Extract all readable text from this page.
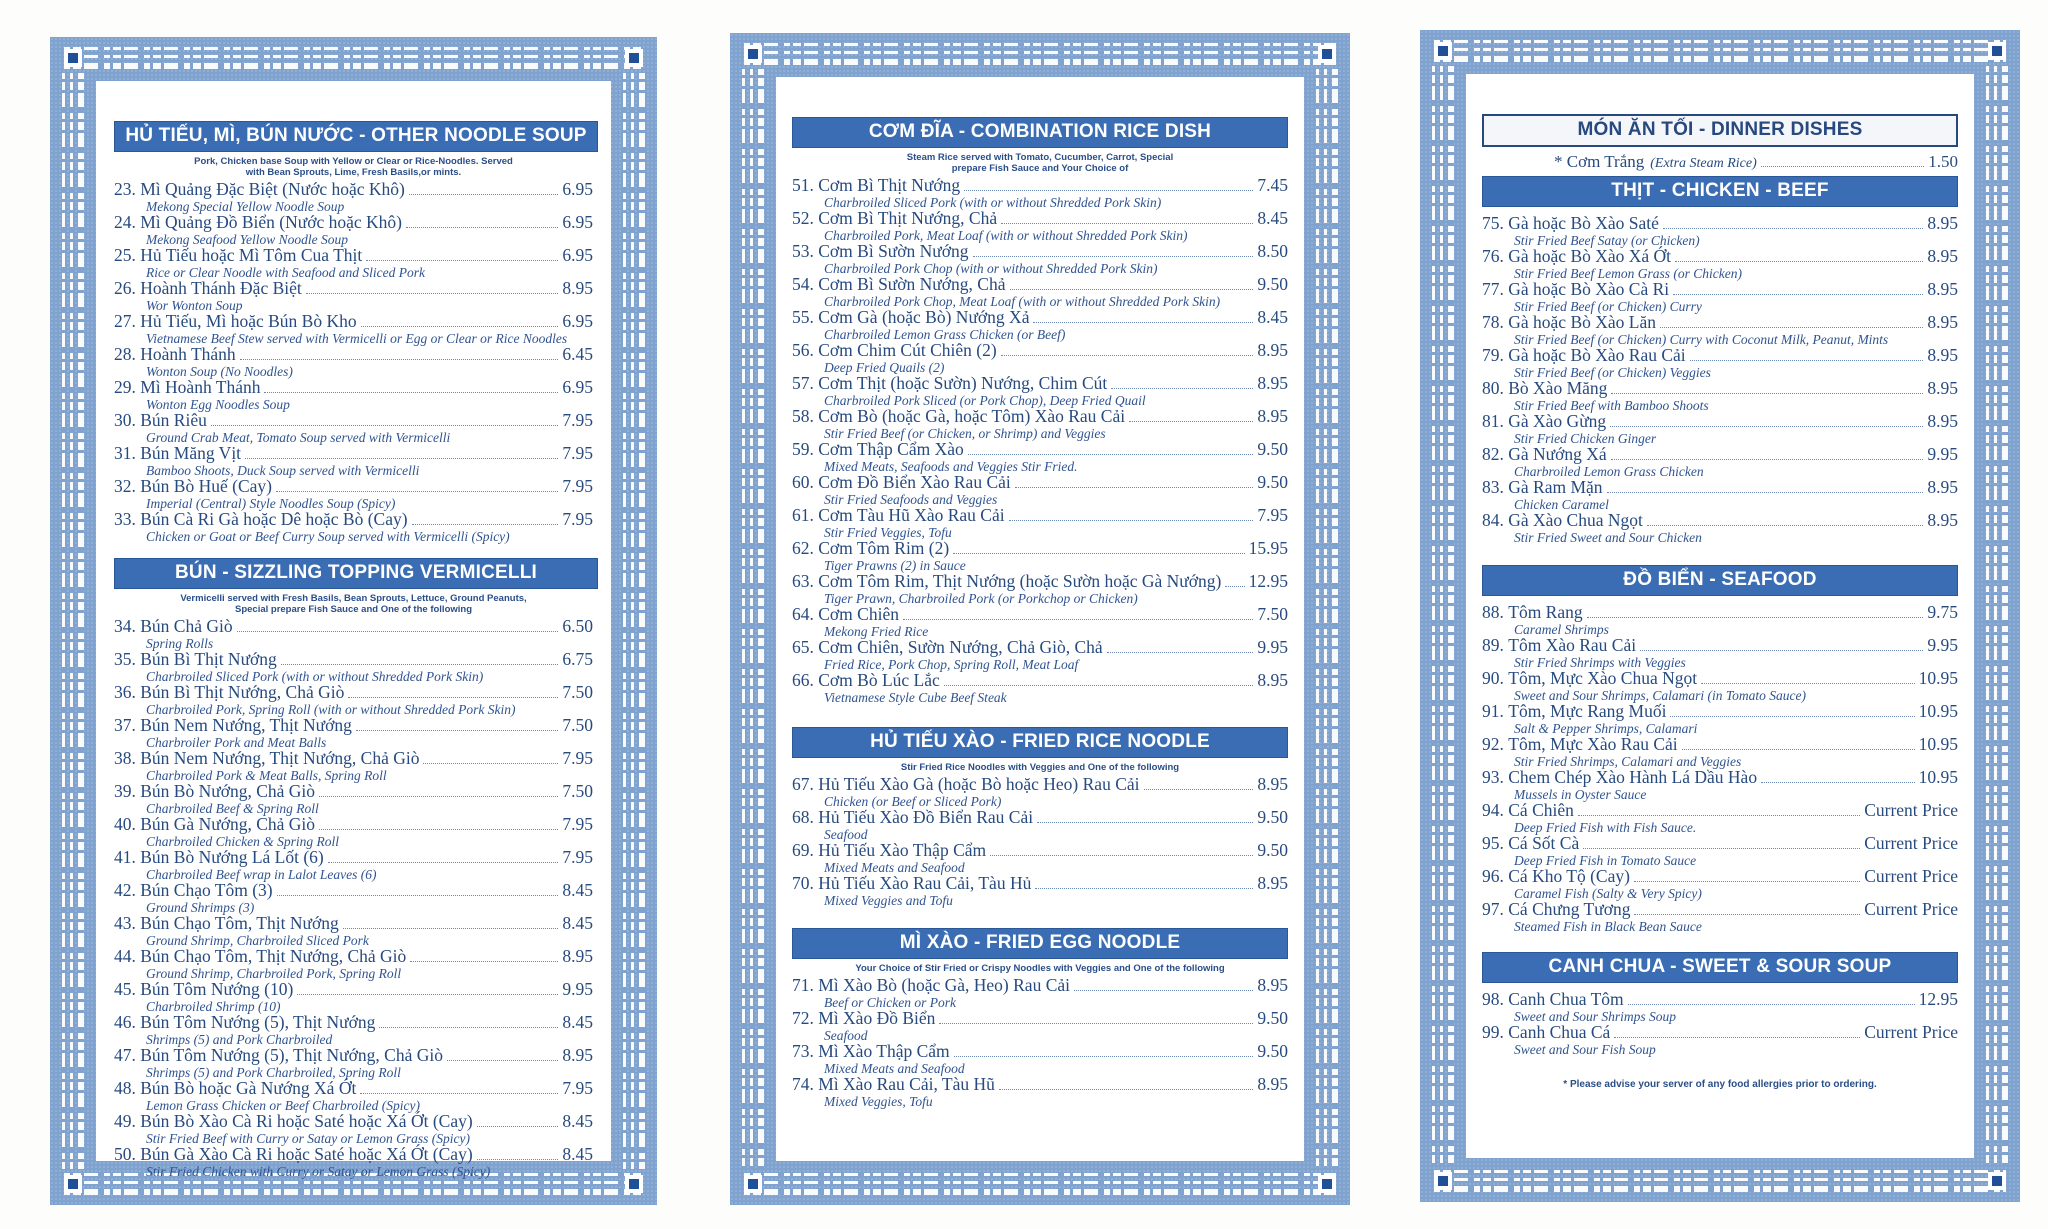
HỦ TIẾU, MÌ, BÚN NƯỚC - OTHER NOODLE SOUP
Pork, Chicken base Soup with Yellow or Clear or Rice-Noodles. Served with Bean Sprouts, Lime, Fresh Basils,or mints.
23.
Mì Quảng Đặc Biệt (Nước hoặc Khô)	6.95
Mekong Special Yellow Noodle Soup
24.
Mì Quảng Đồ Biển (Nước hoặc Khô)	6.95
Mekong Seafood Yellow Noodle Soup
25.
Hủ Tiếu hoặc Mì Tôm Cua Thịt	6.95
Rice or Clear Noodle with Seafood and Sliced Pork
26.
Hoành Thánh Đặc Biệt	8.95
Wor Wonton Soup
27.
Hủ Tiếu, Mì hoặc Bún Bò Kho	6.95
Vietnamese Beef Stew served with Vermicelli or Egg or Clear or Rice Noodles
28.
Hoành Thánh	6.45
Wonton Soup (No Noodles)
29.
Mì Hoành Thánh	6.95
Wonton Egg Noodles Soup
30.
Bún Riêu	7.95
Ground Crab Meat, Tomato Soup served with Vermicelli
31.
Bún Măng Vịt	7.95
Bamboo Shoots, Duck Soup served with Vermicelli
32.
Bún Bò Huế (Cay)	7.95
Imperial (Central) Style Noodles Soup (Spicy)
33.
Bún Cà Ri Gà hoặc Dê hoặc Bò (Cay)	7.95
Chicken or Goat or Beef Curry Soup served with Vermicelli (Spicy)
BÚN - SIZZLING TOPPING VERMICELLI
Vermicelli served with Fresh Basils, Bean Sprouts, Lettuce, Ground Peanuts, Special prepare Fish Sauce and One of the following
34.
Bún Chả Giò	6.50
Spring Rolls
35.
Bún Bì Thịt Nướng	6.75
Charbroiled Sliced Pork (with or without Shredded Pork Skin)
36.
Bún Bì Thịt Nướng, Chả Giò	7.50
Charbroiled Pork, Spring Roll (with or without Shredded Pork Skin)
37.
Bún Nem Nướng, Thịt Nướng	7.50
Charbroiler Pork and Meat Balls
38.
Bún Nem Nướng, Thịt Nướng, Chả Giò	7.95
Charbroiled Pork & Meat Balls, Spring Roll
39.
Bún Bò Nướng, Chả Giò	7.50
Charbroiled Beef & Spring Roll
40.
Bún Gà Nướng, Chả Giò	7.95
Charbroiled Chicken & Spring Roll
41.
Bún Bò Nướng Lá Lốt (6)	7.95
Charbroiled Beef wrap in Lalot Leaves (6)
42.
Bún Chạo Tôm (3)	8.45
Ground Shrimps (3)
43.
Bún Chạo Tôm, Thịt Nướng	8.45
Ground Shrimp, Charbroiled Sliced Pork
44.
Bún Chạo Tôm, Thịt Nướng, Chả Giò	8.95
Ground Shrimp, Charbroiled Pork, Spring Roll
45.
Bún Tôm Nướng (10)	9.95
Charbroiled Shrimp (10)
46.
Bún Tôm Nướng (5), Thịt Nướng	8.45
Shrimps (5) and Pork Charbroiled
47.
Bún Tôm Nướng (5), Thịt Nướng, Chả Giò	8.95
Shrimps (5) and Pork Charbroiled, Spring Roll
48.
Bún Bò hoặc Gà Nướng Xá Ớt	7.95
Lemon Grass Chicken or Beef Charbroiled (Spicy)
49.
Bún Bò Xào Cà Ri hoặc Saté hoặc Xá Ớt (Cay)	8.45
Stir Fried Beef with Curry or Satay or Lemon Grass (Spicy)
50.
Bún Gà Xào Cà Ri hoặc Saté hoặc Xá Ớt (Cay)	8.45
Stir Fried Chicken with Curry or Satay or Lemon Grass (Spicy)
CƠM ĐĨA - COMBINATION RICE DISH
Steam Rice served with Tomato, Cucumber, Carrot, Special prepare Fish Sauce and Your Choice of
51.
Cơm Bì Thịt Nướng	7.45
Charbroiled Sliced Pork (with or without Shredded Pork Skin)
52.
Cơm Bì Thịt Nướng, Chả	8.45
Charbroiled Pork, Meat Loaf (with or without Shredded Pork Skin)
53.
Cơm Bì Sườn Nướng	8.50
Charbroiled Pork Chop (with or without Shredded Pork Skin)
54.
Cơm Bì Sườn Nướng, Chả	9.50
Charbroiled Pork Chop, Meat Loaf (with or without Shredded Pork Skin)
55.
Cơm Gà (hoặc Bò) Nướng Xả	8.45
Charbroiled Lemon Grass Chicken (or Beef)
56.
Cơm Chim Cút Chiên (2)	8.95
Deep Fried Quails (2)
57.
Cơm Thịt (hoặc Sườn) Nướng, Chim Cút	8.95
Charbroiled Pork Sliced (or Pork Chop), Deep Fried Quail
58.
Cơm Bò (hoặc Gà, hoặc Tôm) Xào Rau Cải	8.95
Stir Fried Beef (or Chicken, or Shrimp) and Veggies
59.
Cơm Thập Cẩm Xào	9.50
Mixed Meats, Seafoods and Veggies Stir Fried.
60.
Cơm Đồ Biển Xào Rau Cải	9.50
Stir Fried Seafoods and Veggies
61.
Cơm Tàu Hũ Xào Rau Cải	7.95
Stir Fried Veggies, Tofu
62.
Cơm Tôm Rim (2)	15.95
Tiger Prawns (2) in Sauce
63.
Cơm Tôm Rim, Thịt Nướng (hoặc Sườn hoặc Gà Nướng) 12.95
Tiger Prawn, Charbroiled Pork (or Porkchop or Chicken)
64.
Cơm Chiên	7.50
Mekong Fried Rice
65.
Cơm Chiên, Sườn Nướng, Chả Giò, Chả	9.95
Fried Rice, Pork Chop, Spring Roll, Meat Loaf
66.
Cơm Bò Lúc Lắc	8.95
Vietnamese Style Cube Beef Steak
HỦ TIẾU XÀO - FRIED RICE NOODLE
Stir Fried Rice Noodles with Veggies and One of the following
67.
Hủ Tiếu Xào Gà (hoặc Bò hoặc Heo) Rau Cải	8.95
Chicken (or Beef or Sliced Pork)
68.
Hủ Tiếu Xào Đồ Biển Rau Cải	9.50
Seafood
69.
Hủ Tiếu Xào Thập Cẩm	9.50
Mixed Meats and Seafood
70.
Hủ Tiếu Xào Rau Cải, Tàu Hủ	8.95
Mixed Veggies and Tofu
MÌ XÀO - FRIED EGG NOODLE
Your Choice of Stir Fried or Crispy Noodles with Veggies and One of the following
71.
Mì Xào Bò (hoặc Gà, Heo) Rau Cải	8.95
Beef or Chicken or Pork
72.
Mì Xào Đồ Biển	9.50
Seafood
73.
Mì Xào Thập Cẩm	9.50
Mixed Meats and Seafood
74.
Mì Xào Rau Cải, Tàu Hũ	8.95
Mixed Veggies, Tofu
MÓN ĂN TỐI - DINNER DISHES
* Cơm Trắng (Extra Steam Rice)	1.50
THỊT - CHICKEN - BEEF
75.
Gà hoặc Bò Xào Saté	8.95
Stir Fried Beef Satay (or Chicken)
76.
Gà hoặc Bò Xào Xá Ớt	8.95
Stir Fried Beef Lemon Grass (or Chicken)
77.
Gà hoặc Bò Xào Cà Ri	8.95
Stir Fried Beef (or Chicken) Curry
78.
Gà hoặc Bò Xào Lăn	8.95
Stir Fried Beef (or Chicken) Curry with Coconut Milk, Peanut, Mints
79.
Gà hoặc Bò Xào Rau Cải	8.95
Stir Fried Beef (or Chicken) Veggies
80.
Bò Xào Măng	8.95
Stir Fried Beef with Bamboo Shoots
81.
Gà Xào Gừng	8.95
Stir Fried Chicken Ginger
82.
Gà Nướng Xá	9.95
Charbroiled Lemon Grass Chicken
83.
Gà Ram Mặn	8.95
Chicken Caramel
84.
Gà Xào Chua Ngọt	8.95
Stir Fried Sweet and Sour Chicken
ĐỒ BIỂN - SEAFOOD
88.
Tôm Rang	9.75
Caramel Shrimps
89.
Tôm Xào Rau Cải	9.95
Stir Fried Shrimps with Veggies
90.
Tôm, Mực Xào Chua Ngọt	10.95
Sweet and Sour Shrimps, Calamari (in Tomato Sauce)
91.
Tôm, Mực Rang Muối	10.95
Salt & Pepper Shrimps, Calamari
92.
Tôm, Mực Xào Rau Cải	10.95
Stir Fried Shrimps, Calamari and Veggies
93.
Chem Chép Xào Hành Lá Dầu Hào	10.95
Mussels in Oyster Sauce
94.
Cá Chiên	Current Price
Deep Fried Fish with Fish Sauce.
95.
Cá Sốt Cà	Current Price
Deep Fried Fish in Tomato Sauce
96.
Cá Kho Tộ (Cay)	Current Price
Caramel Fish (Salty & Very Spicy)
97.
Cá Chưng Tương	Current Price
Steamed Fish in Black Bean Sauce
CANH CHUA - SWEET & SOUR SOUP
98.
Canh Chua Tôm	12.95
Sweet and Sour Shrimps Soup
99.
Canh Chua Cá	Current Price
Sweet and Sour Fish Soup
* Please advise your server of any food allergies prior to ordering.
